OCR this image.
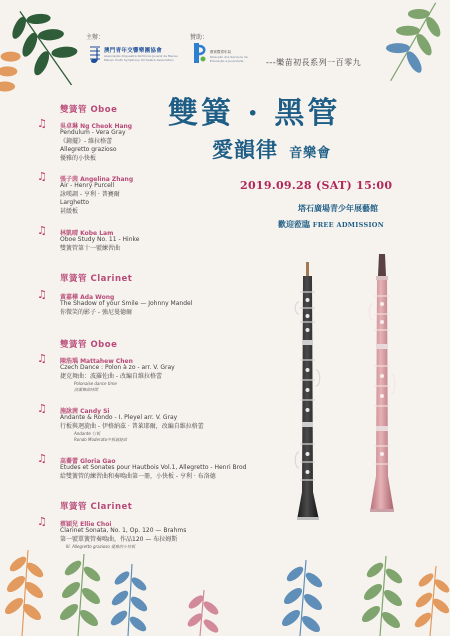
主辦：
澳門青年交響樂團協會
Associação Orquestra Sinfónica Juvenil de Macau
Macao Youth Symphony Orchestra Association
贊助：
教育暨青年局
Direcção dos Serviços de
Educação e Juventude	---樂苗初長系列一百零九
雙簧 · 黑管
愛韻律 音樂會
2019.09.28 (SAT) 15:00
塔石廣場青少年展藝館
歡迎蒞臨 FREE ADMISSION
雙簧管 Oboe
♫ 吳卓琳 Ng Cheok Hang
Pendulum - Vera Gray
《鐘擺》- 維拉格蕾
Allegretto grazioso
優雅的小快板
♫ 張子茵 Angelina Zhang
Air - Henry Purcell
詠嘆調 - 亨利 · 普賽爾
Larghetto
甚緩板
♫ 林凱晴 Kobe Lam
Oboe Study No. 11 - Hinke
雙簧管第十一號練習曲
單簧管 Clarinet
♫ 黃嘉樺 Ada Wong
The Shadow of your Smile — Johnny Mandel
你微笑的影子 - 強尼曼德爾
雙簧管 Oboe
♫ 陳浩瑀 Mattahew Chen
Czech Dance : Polon à zo - arr. V. Gray
捷克舞曲：波羅佐曲 - 改編自維拉格蕾
Polonaise dance time
波蘭舞曲時間
♫ 施詠茜 Candy Si
Andante & Rondo - I. Pleyel arr. V. Gray
行板與迴旋曲 - 伊格納茲 · 普萊耶爾，改編自維拉格蕾
Andante 行板
Rondo Moderato中板迴旋曲
♫ 高蕎蕾 Gloria Gao
Etudes et Sonates pour Hautbois Vol.1, Allegretto - Henri Brod
給雙簧管的練習曲和奏鳴曲第一冊，小快板 - 亨利 · 布洛德
單簧管 Clarinet
♫ 蔡穎兒 Ellie Choi
Clarinet Sonata, No. 1, Op. 120 — Brahms
第一號單簧管奏鳴曲，作品120 — 布拉姆斯
III. Allegretto grazioso 優雅的小快板
